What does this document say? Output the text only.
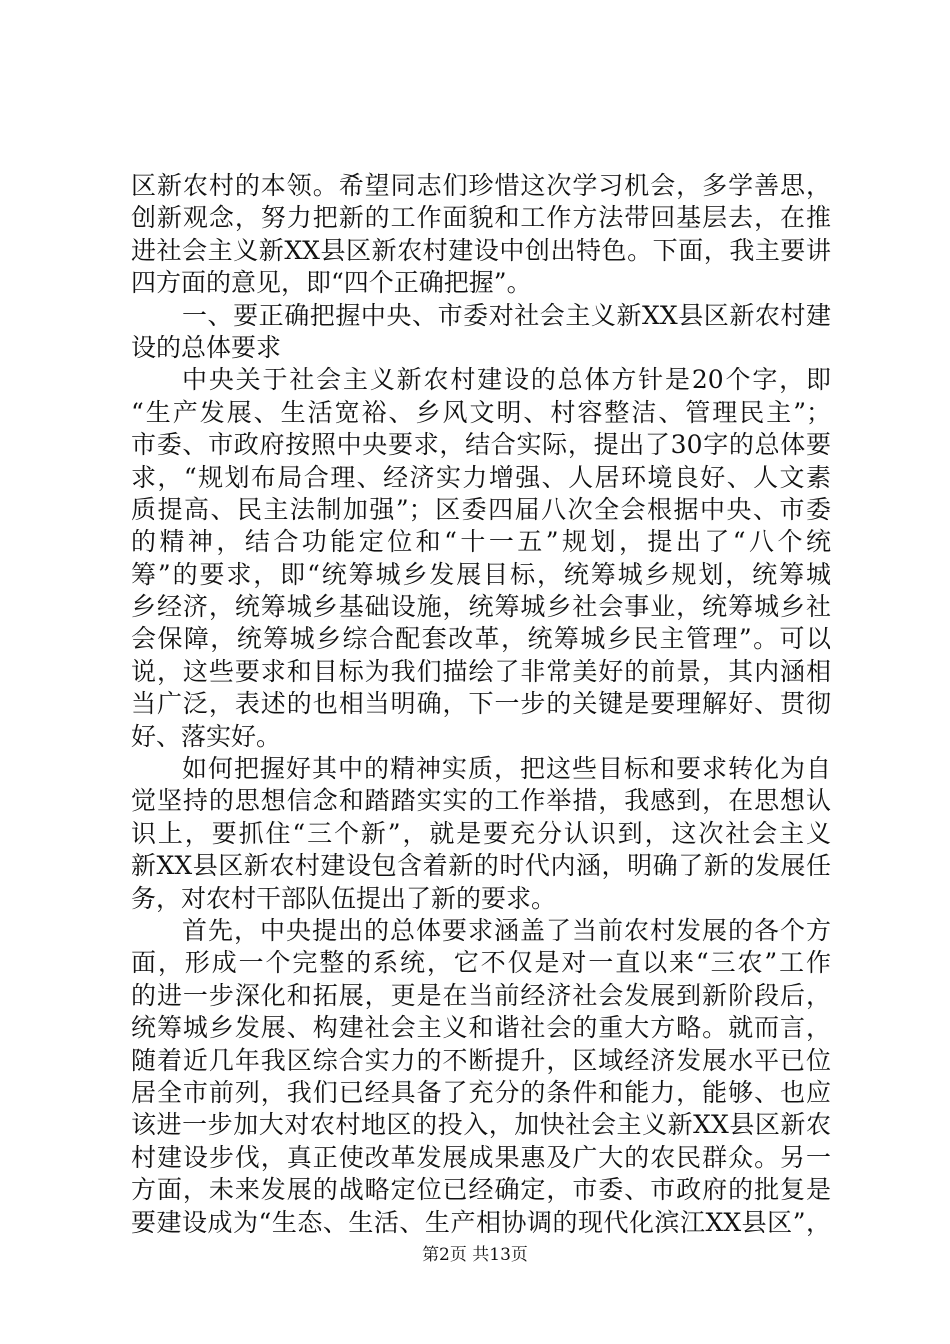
区新农村的本领。希望同志们珍惜这次学习机会，多学善思，
创新观念，努力把新的工作面貌和工作方法带回基层去，在推
进社会主义新XX县区新农村建设中创出特色。下面，我主要讲
四方面的意见，即“四个正确把握”。
一、要正确把握中央、市委对社会主义新XX县区新农村建
设的总体要求
中央关于社会主义新农村建设的总体方针是20个字，即
“生产发展、生活宽裕、乡风文明、村容整洁、管理民主”；
市委、市政府按照中央要求，结合实际，提出了30字的总体要
求，“规划布局合理、经济实力增强、人居环境良好、人文素
质提高、民主法制加强”；区委四届八次全会根据中央、市委
的精神，结合功能定位和“十一五”规划，提出了“八个统
筹”的要求，即“统筹城乡发展目标，统筹城乡规划，统筹城
乡经济，统筹城乡基础设施，统筹城乡社会事业，统筹城乡社
会保障，统筹城乡综合配套改革，统筹城乡民主管理”。可以
说，这些要求和目标为我们描绘了非常美好的前景，其内涵相
当广泛，表述的也相当明确，下一步的关键是要理解好、贯彻
好、落实好。
如何把握好其中的精神实质，把这些目标和要求转化为自
觉坚持的思想信念和踏踏实实的工作举措，我感到，在思想认
识上，要抓住“三个新”，就是要充分认识到，这次社会主义
新XX县区新农村建设包含着新的时代内涵，明确了新的发展任
务，对农村干部队伍提出了新的要求。
首先，中央提出的总体要求涵盖了当前农村发展的各个方
面，形成一个完整的系统，它不仅是对一直以来“三农”工作
的进一步深化和拓展，更是在当前经济社会发展到新阶段后，
统筹城乡发展、构建社会主义和谐社会的重大方略。就而言，
随着近几年我区综合实力的不断提升，区域经济发展水平已位
居全市前列，我们已经具备了充分的条件和能力，能够、也应
该进一步加大对农村地区的投入，加快社会主义新XX县区新农
村建设步伐，真正使改革发展成果惠及广大的农民群众。另一
方面，未来发展的战略定位已经确定，市委、市政府的批复是
要建设成为“生态、生活、生产相协调的现代化滨江XX县区”，
第2页 共13页
